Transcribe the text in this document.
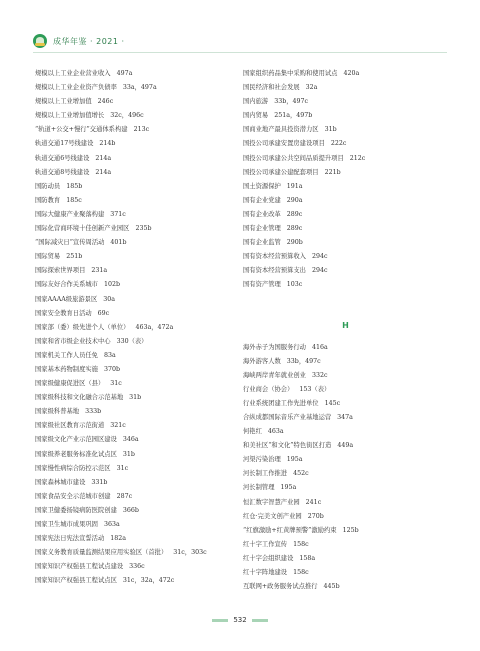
成华年鉴 · 2021 ·
规模以上工业企业营业收入 497a
规模以上工业企业资产负债率 33a，497a
规模以上工业增加值 246c
规模以上工业增加值增长 32c，496c
“轨道+公交+慢行”交通体系构建 213c
轨道交通17号线建设 214b
轨道交通6号线建设 214a
轨道交通8号线建设 214a
国防动员 185b
国防教育 185c
国际大健康产业聚落构建 371c
国际化营商环境十佳创新产业园区 235b
“国际减灾日”宣传周活动 401b
国际贸易 251b
国际探索世界项目 231a
国际友好合作关系城市 102b
国家AAAA级旅游景区 30a
国家安全教育日活动 69c
国家部（委）级先进个人（单位） 463a，472a
国家和省市级企业技术中心 330（表）
国家机关工作人员任免 83a
国家基本药物制度实施 370b
国家级健康促进区（县） 31c
国家级科技和文化融合示范基地 31b
国家级科普基地 333b
国家级社区教育示范街道 321c
国家级文化产业示范园区建设 346a
国家级养老服务标准化试点区 31b
国家慢性病综合防控示范区 31c
国家森林城市建设 331b
国家食品安全示范城市创建 287c
国家卫健委扬镜病防医院创建 366b
国家卫生城市成果巩固 363a
国家宪法日宪法宣誓活动 182a
国家义务教育质量监测结果应用实验区（首批） 31c，303c
国家知识产权强县工程试点建设 336c
国家知识产权强县工程试点区 31c，32a，472c
国家组织药品集中采购和使用试点 420a
国民经济和社会发展 32a
国内旅游 33b，497c
国内贸易 251a，497b
国商业地产最具投资潜力区 31b
国投公司承建安置房建设项目 222c
国投公司承建公共空间品质提升项目 212c
国投公司承建公建配套项目 221b
国土资源保护 191a
国有企业党建 290a
国有企业改革 289c
国有企业管理 289c
国有企业监管 290b
国有资本经营预算收入 294c
国有资本经营预算支出 294c
国有资产管理 103c
H
海外赤子为国服务行动 416a
海外游客人数 33b，497c
海峡两岸青年就业创业 332c
行业商会（协会） 153（表）
行业系统团建工作先进单位 145c
合纵成都国际音乐产业基地运营 347a
何艳红 463a
和美社区“和文化”特色街区打造 449a
河渠污染治理 195a
河长制工作推进 452c
河长制管理 195a
恒汇数字智慧产业园 241c
红仓·完美文创产业园 270b
“红旗激励+红黄牌预警”激励约束 125b
红十字工作宣传 158c
红十字会组织建设 158a
红十字阵地建设 158c
互联网+政务服务试点推行 445b
532
